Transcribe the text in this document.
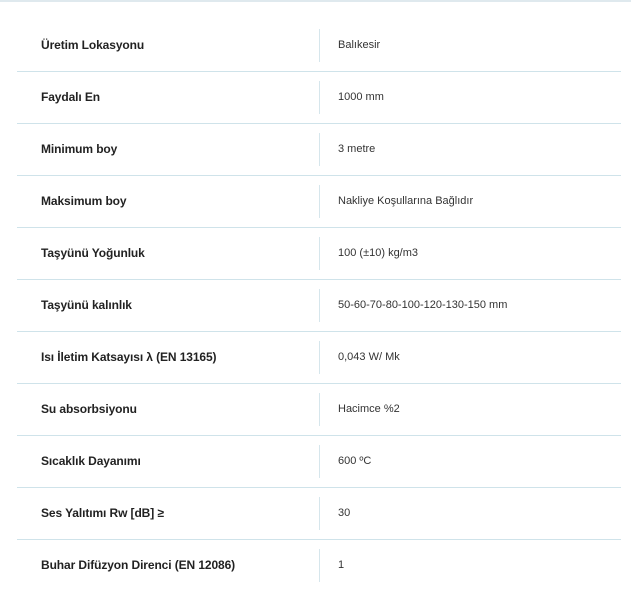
Üretim Lokasyonu	Balıkesir
Faydalı En	1000 mm
Minimum boy	3 metre
Maksimum boy	Nakliye Koşullarına Bağlıdır
Taşyünü Yoğunluk	100 (±10) kg/m3
Taşyünü kalınlık	50-60-70-80-100-120-130-150 mm
Isı İletim Katsayısı λ (EN 13165)	0,043 W/ Mk
Su absorbsiyonu	Hacimce %2
Sıcaklık Dayanımı	600 ºC
Ses Yalıtımı Rw [dB] ≥	30
Buhar Difüzyon Direnci (EN 12086)	1
